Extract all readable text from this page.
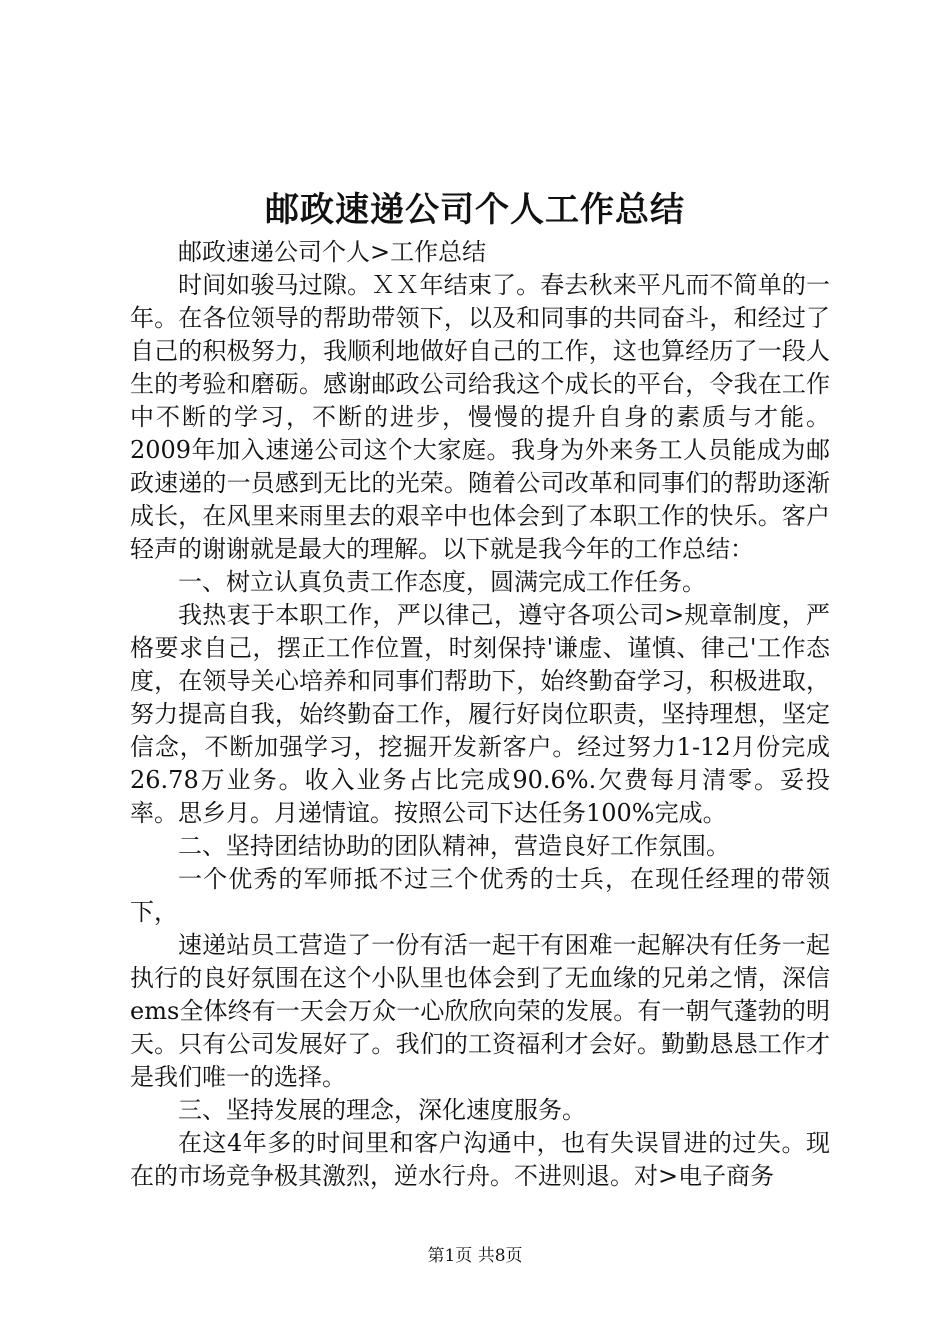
邮政速递公司个人工作总结

邮政速递公司个人>工作总结

时间如骏马过隙。ＸＸ年结束了。春去秋来平凡而不简单的一年。在各位领导的帮助带领下，以及和同事的共同奋斗，和经过了自己的积极努力，我顺利地做好自己的工作，这也算经历了一段人生的考验和磨砺。感谢邮政公司给我这个成长的平台，令我在工作中不断的学习，不断的进步，慢慢的提升自身的素质与才能。2009年加入速递公司这个大家庭。我身为外来务工人员能成为邮政速递的一员感到无比的光荣。随着公司改革和同事们的帮助逐渐成长，在风里来雨里去的艰辛中也体会到了本职工作的快乐。客户轻声的谢谢就是最大的理解。以下就是我今年的工作总结：

一、树立认真负责工作态度，圆满完成工作任务。

我热衷于本职工作，严以律己，遵守各项公司>规章制度，严格要求自己，摆正工作位置，时刻保持'谦虚、谨慎、律己'工作态度，在领导关心培养和同事们帮助下，始终勤奋学习，积极进取，努力提高自我，始终勤奋工作，履行好岗位职责，坚持理想，坚定信念，不断加强学习，挖掘开发新客户。经过努力1-12月份完成26.78万业务。收入业务占比完成90.6%.欠费每月清零。妥投率。思乡月。月递情谊。按照公司下达任务100%完成。

二、坚持团结协助的团队精神，营造良好工作氛围。

一个优秀的军师抵不过三个优秀的士兵，在现任经理的带领下，

速递站员工营造了一份有活一起干有困难一起解决有任务一起执行的良好氛围在这个小队里也体会到了无血缘的兄弟之情，深信ems全体终有一天会万众一心欣欣向荣的发展。有一朝气蓬勃的明天。只有公司发展好了。我们的工资福利才会好。勤勤恳恳工作才是我们唯一的选择。

三、坚持发展的理念，深化速度服务。

在这4年多的时间里和客户沟通中，也有失误冒进的过失。现在的市场竞争极其激烈，逆水行舟。不进则退。对>电子商务

第1页 共8页
